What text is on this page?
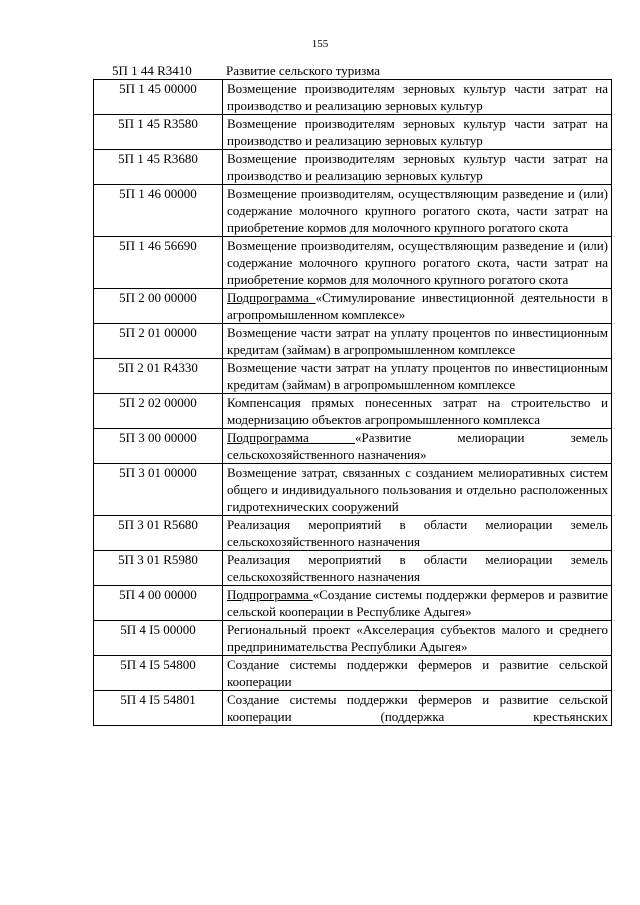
155
5П 1 44 R3410	Развитие сельского туризма
5П 1 45 00000	Возмещение производителям зерновых культур части затрат на производство и реализацию зерновых культур
5П 1 45 R3580	Возмещение производителям зерновых культур части затрат на производство и реализацию зерновых культур
5П 1 45 R3680	Возмещение производителям зерновых культур части затрат на производство и реализацию зерновых культур
5П 1 46 00000	Возмещение производителям, осуществляющим разведение и (или) содержание молочного крупного рогатого скота, части затрат на приобретение кормов для молочного крупного рогатого скота
5П 1 46 56690	Возмещение производителям, осуществляющим разведение и (или) содержание молочного крупного рогатого скота, части затрат на приобретение кормов для молочного крупного рогатого скота
5П 2 00 00000	Подпрограмма «Стимулирование инвестиционной деятельности в агропромышленном комплексе»
5П 2 01 00000	Возмещение части затрат на уплату процентов по инвестиционным кредитам (займам) в агропромышленном комплексе
5П 2 01 R4330	Возмещение части затрат на уплату процентов по инвестиционным кредитам (займам) в агропромышленном комплексе
5П 2 02 00000	Компенсация прямых понесенных затрат на строительство и модернизацию объектов агропромышленного комплекса
5П 3 00 00000	Подпрограмма «Развитие мелиорации земель сельскохозяйственного назначения»
5П 3 01 00000	Возмещение затрат, связанных с созданием мелиоративных систем общего и индивидуального пользования и отдельно расположенных гидротехнических сооружений
5П 3 01 R5680	Реализация мероприятий в области мелиорации земель сельскохозяйственного назначения
5П 3 01 R5980	Реализация мероприятий в области мелиорации земель сельскохозяйственного назначения
5П 4 00 00000	Подпрограмма «Создание системы поддержки фермеров и развитие сельской кооперации в Республике Адыгея»
5П 4 I5 00000	Региональный проект «Акселерация субъектов малого и среднего предпринимательства Республики Адыгея»
5П 4 I5 54800	Создание системы поддержки фермеров и развитие сельской кооперации
5П 4 I5 54801	Создание системы поддержки фермеров и развитие сельской кооперации (поддержка крестьянских
